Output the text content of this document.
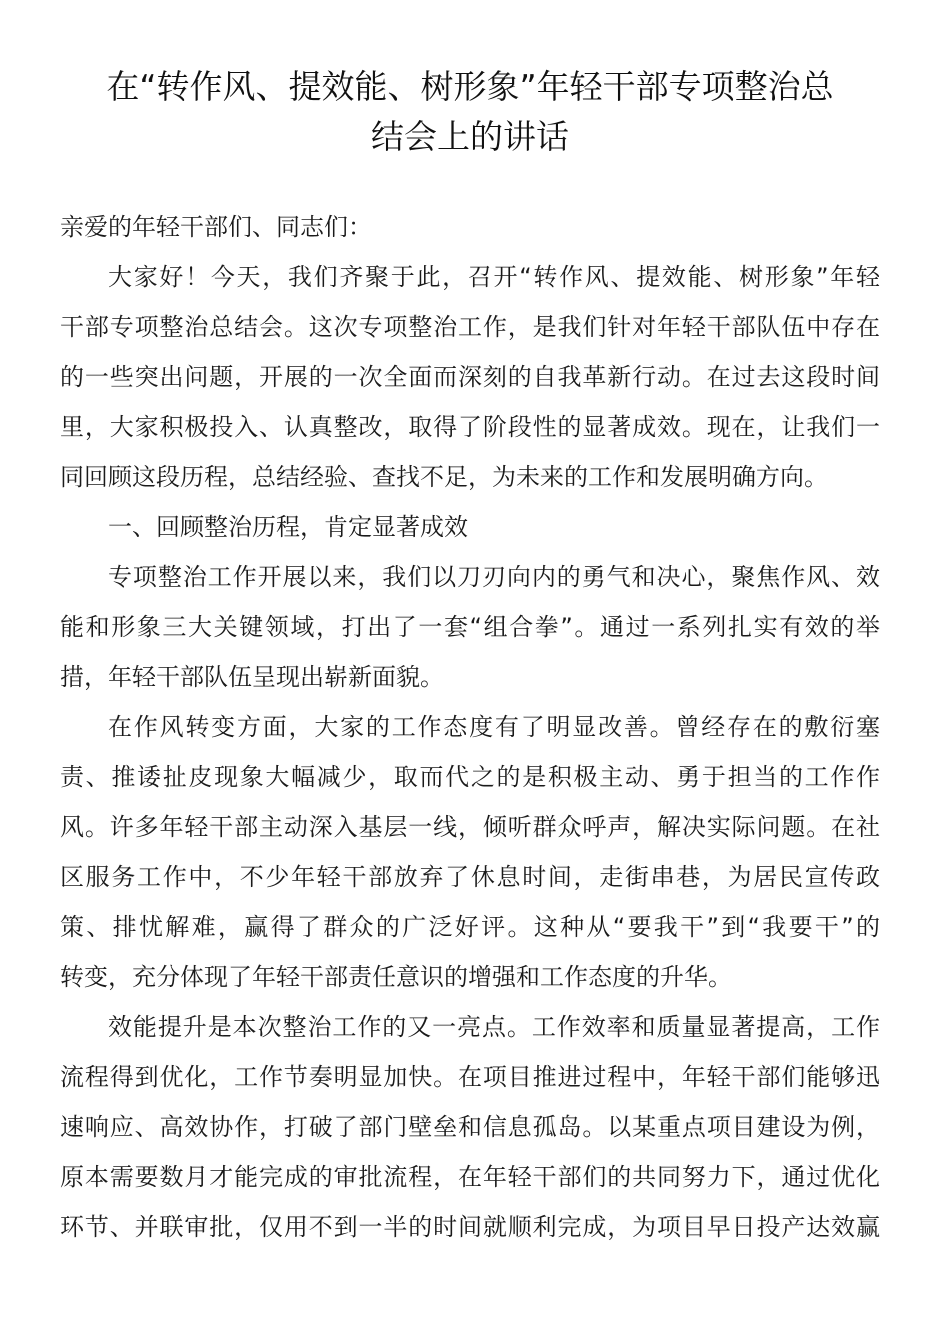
在“转作风、提效能、树形象”年轻干部专项整治总
结会上的讲话

亲爱的年轻干部们、同志们：

大家好！今天，我们齐聚于此，召开“转作风、提效能、树形象”年轻
干部专项整治总结会。这次专项整治工作，是我们针对年轻干部队伍中存在
的一些突出问题，开展的一次全面而深刻的自我革新行动。在过去这段时间
里，大家积极投入、认真整改，取得了阶段性的显著成效。现在，让我们一
同回顾这段历程，总结经验、查找不足，为未来的工作和发展明确方向。

一、回顾整治历程，肯定显著成效

专项整治工作开展以来，我们以刀刃向内的勇气和决心，聚焦作风、效
能和形象三大关键领域，打出了一套“组合拳”。通过一系列扎实有效的举
措，年轻干部队伍呈现出崭新面貌。

在作风转变方面，大家的工作态度有了明显改善。曾经存在的敷衍塞
责、推诿扯皮现象大幅减少，取而代之的是积极主动、勇于担当的工作作
风。许多年轻干部主动深入基层一线，倾听群众呼声，解决实际问题。在社
区服务工作中，不少年轻干部放弃了休息时间，走街串巷，为居民宣传政
策、排忧解难，赢得了群众的广泛好评。这种从“要我干”到“我要干”的
转变，充分体现了年轻干部责任意识的增强和工作态度的升华。

效能提升是本次整治工作的又一亮点。工作效率和质量显著提高，工作
流程得到优化，工作节奏明显加快。在项目推进过程中，年轻干部们能够迅
速响应、高效协作，打破了部门壁垒和信息孤岛。以某重点项目建设为例，
原本需要数月才能完成的审批流程，在年轻干部们的共同努力下，通过优化
环节、并联审批，仅用不到一半的时间就顺利完成，为项目早日投产达效赢
